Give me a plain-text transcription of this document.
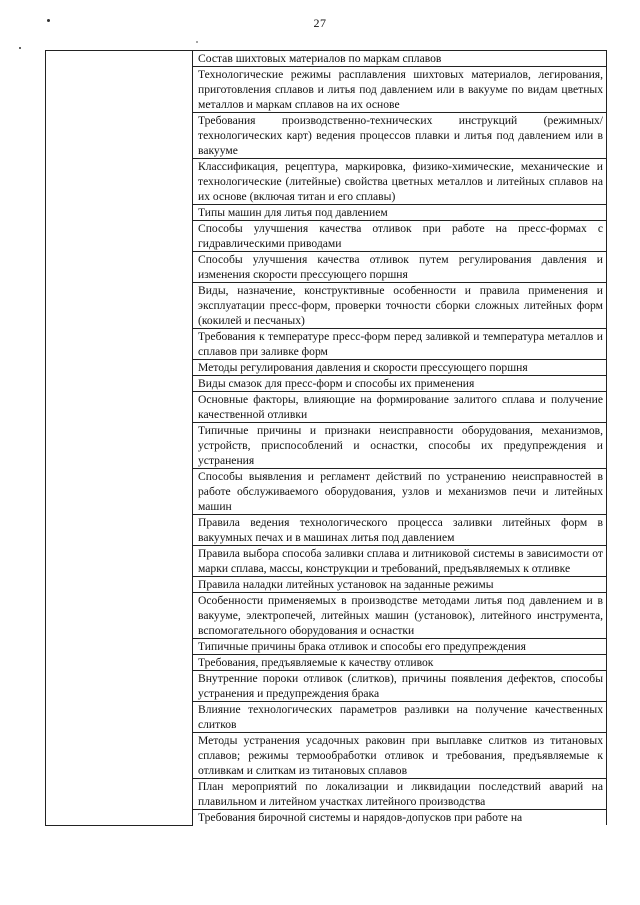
27
	Состав шихтовых материалов по маркам сплавов
Технологические режимы расплавления шихтовых материалов, легирования, приготовления сплавов и литья под давлением или в вакууме по видам цветных металлов и маркам сплавов на их основе
Требования производственно-технических инструкций (режимных/технологических карт) ведения процессов плавки и литья под давлением или в вакууме
Классификация, рецептура, маркировка, физико-химические, механические и технологические (литейные) свойства цветных металлов и литейных сплавов на их основе (включая титан и его сплавы)
Типы машин для литья под давлением
Способы улучшения качества отливок при работе на пресс-формах с гидравлическими приводами
Способы улучшения качества отливок путем регулирования давления и изменения скорости прессующего поршня
Виды, назначение, конструктивные особенности и правила применения и эксплуатации пресс-форм, проверки точности сборки сложных литейных форм (кокилей и песчаных)
Требования к температуре пресс-форм перед заливкой и температура металлов и сплавов при заливке форм
Методы регулирования давления и скорости прессующего поршня
Виды смазок для пресс-форм и способы их применения
Основные факторы, влияющие на формирование залитого сплава и получение качественной отливки
Типичные причины и признаки неисправности оборудования, механизмов, устройств, приспособлений и оснастки, способы их предупреждения и устранения
Способы выявления и регламент действий по устранению неисправностей в работе обслуживаемого оборудования, узлов и механизмов печи и литейных машин
Правила ведения технологического процесса заливки литейных форм в вакуумных печах и в машинах литья под давлением
Правила выбора способа заливки сплава и литниковой системы в зависимости от марки сплава, массы, конструкции и требований, предъявляемых к отливке
Правила наладки литейных установок на заданные режимы
Особенности применяемых в производстве методами литья под давлением и в вакууме, электропечей, литейных машин (установок), литейного инструмента, вспомогательного оборудования и оснастки
Типичные причины брака отливок и способы его предупреждения
Требования, предъявляемые к качеству отливок
Внутренние пороки отливок (слитков), причины появления дефектов, способы устранения и предупреждения брака
Влияние технологических параметров разливки на получение качественных слитков
Методы устранения усадочных раковин при выплавке слитков из титановых сплавов; режимы термообработки отливок и требования, предъявляемые к отливкам и слиткам из титановых сплавов
План мероприятий по локализации и ликвидации последствий аварий на плавильном и литейном участках литейного производства
Требования бирочной системы и нарядов-допусков при работе на
